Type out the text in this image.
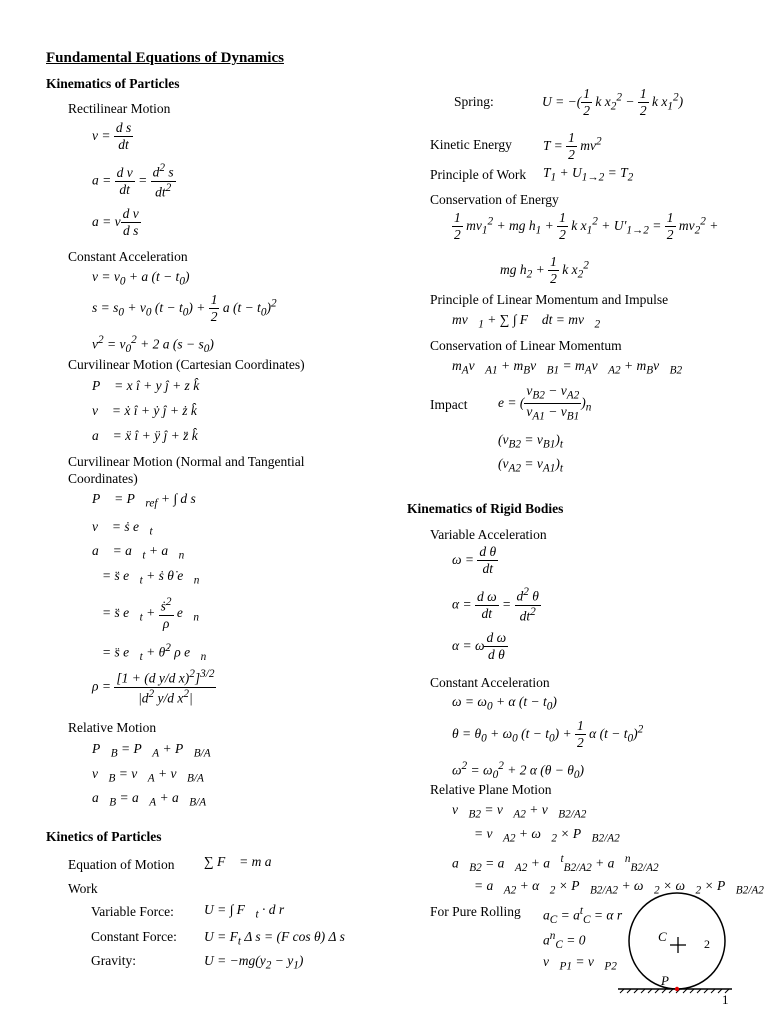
Fundamental Equations of Dynamics
Kinematics of Particles
Rectilinear Motion
$v = \frac{\text{d s}}{dt}$
$a = \frac{\text{d v}}{dt} = \frac{d^2 s}{dt^2}$
a = v $\frac{\text{d v}}{\text{d s}}$
Constant Acceleration
$v = v_0 + a$ $(t - t_0)$
$s = s_0 + v_0$ $(t - t_0) + \frac{1}{2}$ a $(t - t_0)^2$
$v^2 = v_0^2 + 2$ a $(s - s_0)$
Curvilinear Motion (Cartesian Coordinates)
P⃗ = x î + y ĵ + z k̂
v⃗ = ẋ î + ẏ ĵ + ż k̂
a⃗ = ẍ î + ÿ ĵ + z̈ k̂
Curvilinear Motion (Normal and Tangential
Coordinates)
P⃗ = $P⃗_{ref}$ + ∫ d s⃗
v⃗ = ṡ $e⃗_t$
a⃗ = $a⃗_t$ + $a⃗_n$
= s̈ $e⃗_t$ + ṡ θ̇ $e⃗_n$
= s̈ $e⃗_t + \frac{ṡ^2}{\rho}$ $e⃗_n$
= s̈ $e⃗_t$ + θ̇$^2$ ρ $e⃗_n$
$\rho = \frac{[1 + (d y/d x)^2]^{3/2}}{|d^2 y/d x^2|}$
Relative Motion
$P⃗_B$ = $P⃗_A$ + $P⃗_{B/A}$
$v⃗_B$ = $v⃗_A$ + $v⃗_{B/A}$
$a⃗_B$ = $a⃗_A$ + $a⃗_{B/A}$
Kinetics of Particles
Equation of Motion ∑ F⃗ = m a⃗
Work
Variable Force: U = ∫ $F⃗_t \cdot d$ r⃗
Constant Force: $U = F_t$ Δ s = (F cos θ) Δ s
Gravity:	$U = -mg(y_2 - y_1)$
Spring:	U = −( $\frac{1}{2}$ k $x_2^2 - \frac{1}{2}$ k $x_1^2$)
Kinetic Energy $T = \frac{1}{2} mv^2$
Principle of Work $T_1 + U_{1\to 2} = T_2$
Conservation of Energy
$\frac{1}{2} mv_1^2$ + mg $h_1 + \frac{1}{2}$ k $x_1^2 + U'_{1\to 2} = \frac{1}{2} mv_2^2$ +
mg $h_2 + \frac{1}{2}$ k $x_2^2$
Principle of Linear Momentum and Impulse
$mv⃗_1$ + ∑ ∫ F⃗ dt = $mv⃗_2$
Conservation of Linear Momentum
$m_Av⃗_{A1}$ + $m_Bv⃗_{B1}$ = $m_Av⃗_{A2}$ + $m_Bv⃗_{B2}$
Impact e = ( $\frac{v_{B2} - v_{A2}}{v_{A1} - v_{B1}} )_n$
$(v_{B2} = v_{B1})_t$
$(v_{A2} = v_{A1})_t$
Kinematics of Rigid Bodies
Variable Acceleration
$\omega = \frac{\text{d θ}}{dt}$
$\alpha = \frac{\text{d ω}}{dt} = \frac{d^2 \theta}{dt^2}$
α = ω $\frac{\text{d ω}}{\text{d θ}}$
Constant Acceleration
$\omega = \omega_0 + \alpha$ $(t - t_0)$
$\theta = \theta_0 + \omega_0$ $(t - t_0) + \frac{1}{2}$ α $(t - t_0)^2$
$\omega^2 = \omega_0^2 + 2$ α $(\theta - \theta_0)$
Relative Plane Motion
$v⃗_{B2}$ = $v⃗_{A2}$ + $v⃗_{B2/A2}$
= $v⃗_{A2}$ + $\omega⃗_2$ × $P⃗_{B2/A2}$
$a⃗_{B2}$ = $a⃗_{A2}$ + a⃗$^t_{B2/A2}$ + a⃗$^n_{B2/A2}$
= $a⃗_{A2}$ + $\alpha⃗_2$ × $P⃗_{B2/A2}$ + $\omega⃗_2$ × $\omega⃗_2$ × $P⃗_{B2/A2}$
For Pure Rolling $a_C = a^t_C = \alpha$ r
$a^n_C = 0$
$v⃗_{P1}$ = $v⃗_{P2}$
C	2
P
1
